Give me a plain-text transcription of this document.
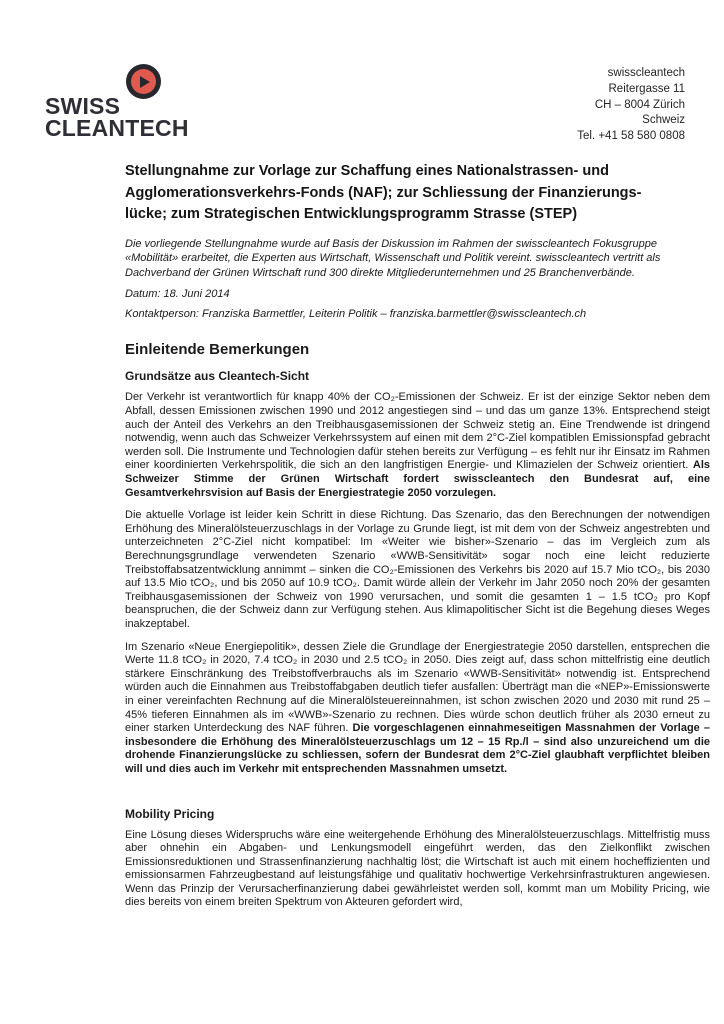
SWISS
CLEANTECH
swisscleantech
Reitergasse 11
CH – 8004 Zürich
Schweiz
Tel. +41 58 580 0808
Stellungnahme zur Vorlage zur Schaffung eines Nationalstrassen- und
Agglomerationsverkehrs-Fonds (NAF); zur Schliessung der Finanzierungs-
lücke; zum Strategischen Entwicklungsprogramm Strasse (STEP)

Die vorliegende Stellungnahme wurde auf Basis der Diskussion im Rahmen der swisscleantech Fokusgruppe «Mobilität» erarbeitet, die Experten aus Wirtschaft, Wissenschaft und Politik vereint. swisscleantech vertritt als Dachverband der Grünen Wirtschaft rund 300 direkte Mitgliederunternehmen und 25 Branchenverbände.

Datum: 18. Juni 2014

Kontaktperson: Franziska Barmettler, Leiterin Politik – franziska.barmettler@swisscleantech.ch

Einleitende Bemerkungen
Grundsätze aus Cleantech-Sicht

Der Verkehr ist verantwortlich für knapp 40% der CO₂-Emissionen der Schweiz. Er ist der einzige Sektor neben dem Abfall, dessen Emissionen zwischen 1990 und 2012 angestiegen sind – und das um ganze 13%. Entsprechend steigt auch der Anteil des Verkehrs an den Treibhausgasemissionen der Schweiz stetig an. Eine Trendwende ist dringend notwendig, wenn auch das Schweizer Verkehrssystem auf einen mit dem 2°C-Ziel kompatiblen Emissionspfad gebracht werden soll. Die Instrumente und Technologien dafür stehen bereits zur Verfügung – es fehlt nur ihr Einsatz im Rahmen einer koordinierten Verkehrspolitik, die sich an den langfristigen Energie- und Klimazielen der Schweiz orientiert. Als Schweizer Stimme der Grünen Wirtschaft fordert swisscleantech den Bundesrat auf, eine Gesamtverkehrsvision auf Basis der Energiestrategie 2050 vorzulegen.

Die aktuelle Vorlage ist leider kein Schritt in diese Richtung. Das Szenario, das den Berechnungen der notwendigen Erhöhung des Mineralölsteuerzuschlags in der Vorlage zu Grunde liegt, ist mit dem von der Schweiz angestrebten und unterzeichneten 2°C-Ziel nicht kompatibel: Im «Weiter wie bisher»-Szenario – das im Vergleich zum als Berechnungsgrundlage verwendeten Szenario «WWB-Sensitivität» sogar noch eine leicht reduzierte Treibstoffabsatzentwicklung annimmt – sinken die CO₂-Emissionen des Verkehrs bis 2020 auf 15.7 Mio tCO₂, bis 2030 auf 13.5 Mio tCO₂, und bis 2050 auf 10.9 tCO₂. Damit würde allein der Verkehr im Jahr 2050 noch 20% der gesamten Treibhausgasemissionen der Schweiz von 1990 verursachen, und somit die gesamten 1 – 1.5 tCO₂ pro Kopf beanspruchen, die der Schweiz dann zur Verfügung stehen. Aus klimapolitischer Sicht ist die Begehung dieses Weges inakzeptabel.

Im Szenario «Neue Energiepolitik», dessen Ziele die Grundlage der Energiestrategie 2050 darstellen, entsprechen die Werte 11.8 tCO₂ in 2020, 7.4 tCO₂ in 2030 und 2.5 tCO₂ in 2050. Dies zeigt auf, dass schon mittelfristig eine deutlich stärkere Einschränkung des Treibstoffverbrauchs als im Szenario «WWB-Sensitivität» notwendig ist. Entsprechend würden auch die Einnahmen aus Treibstoffabgaben deutlich tiefer ausfallen: Überträgt man die «NEP»-Emissionswerte in einer vereinfachten Rechnung auf die Mineralölsteuereinnahmen, ist schon zwischen 2020 und 2030 mit rund 25 – 45% tieferen Einnahmen als im «WWB»-Szenario zu rechnen. Dies würde schon deutlich früher als 2030 erneut zu einer starken Unterdeckung des NAF führen. Die vorgeschlagenen einnahmeseitigen Massnahmen der Vorlage – insbesondere die Erhöhung des Mineralölsteuerzuschlags um 12 – 15 Rp./l – sind also unzureichend um die drohende Finanzierungslücke zu schliessen, sofern der Bundesrat dem 2°C-Ziel glaubhaft verpflichtet bleiben will und dies auch im Verkehr mit entsprechenden Massnahmen umsetzt.

Mobility Pricing

Eine Lösung dieses Widerspruchs wäre eine weitergehende Erhöhung des Mineralölsteuerzuschlags. Mittelfristig muss aber ohnehin ein Abgaben- und Lenkungsmodell eingeführt werden, das den Zielkonflikt zwischen Emissionsreduktionen und Strassenfinanzierung nachhaltig löst; die Wirtschaft ist auch mit einem hocheffizienten und emissionsarmen Fahrzeugbestand auf leistungsfähige und qualitativ hochwertige Verkehrsinfrastrukturen angewiesen. Wenn das Prinzip der Verursacherfinanzierung dabei gewährleistet werden soll, kommt man um Mobility Pricing, wie dies bereits von einem breiten Spektrum von Akteuren gefordert wird,
